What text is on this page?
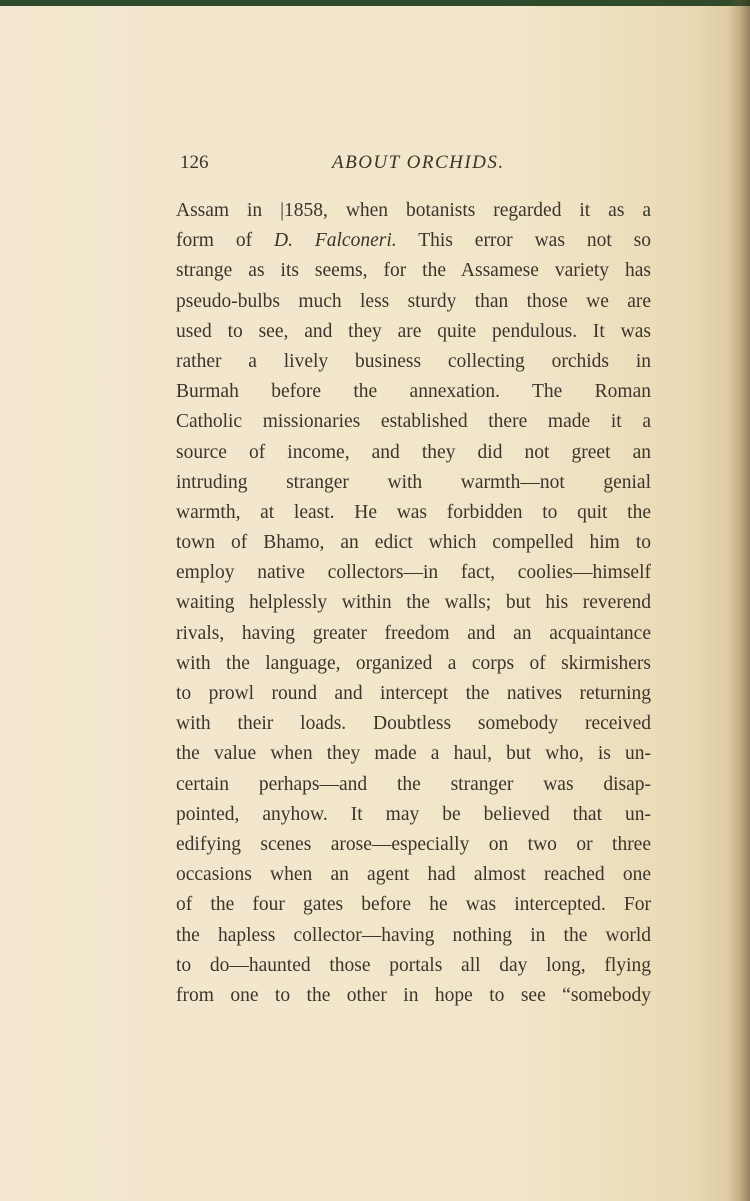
126	ABOUT ORCHIDS.
Assam in |1858, when botanists regarded it as a
form of D. Falconeri. This error was not so
strange as its seems, for the Assamese variety has
pseudo-bulbs much less sturdy than those we are
used to see, and they are quite pendulous. It was
rather a lively business collecting orchids in
Burmah before the annexation. The Roman
Catholic missionaries established there made it a
source of income, and they did not greet an
intruding stranger with warmth—not genial
warmth, at least. He was forbidden to quit the
town of Bhamo, an edict which compelled him to
employ native collectors—in fact, coolies—himself
waiting helplessly within the walls; but his reverend
rivals, having greater freedom and an acquaintance
with the language, organized a corps of skirmishers
to prowl round and intercept the natives returning
with their loads. Doubtless somebody received
the value when they made a haul, but who, is un-
certain perhaps—and the stranger was disap-
pointed, anyhow. It may be believed that un-
edifying scenes arose—especially on two or three
occasions when an agent had almost reached one
of the four gates before he was intercepted. For
the hapless collector—having nothing in the world
to do—haunted those portals all day long, flying
from one to the other in hope to see “somebody
